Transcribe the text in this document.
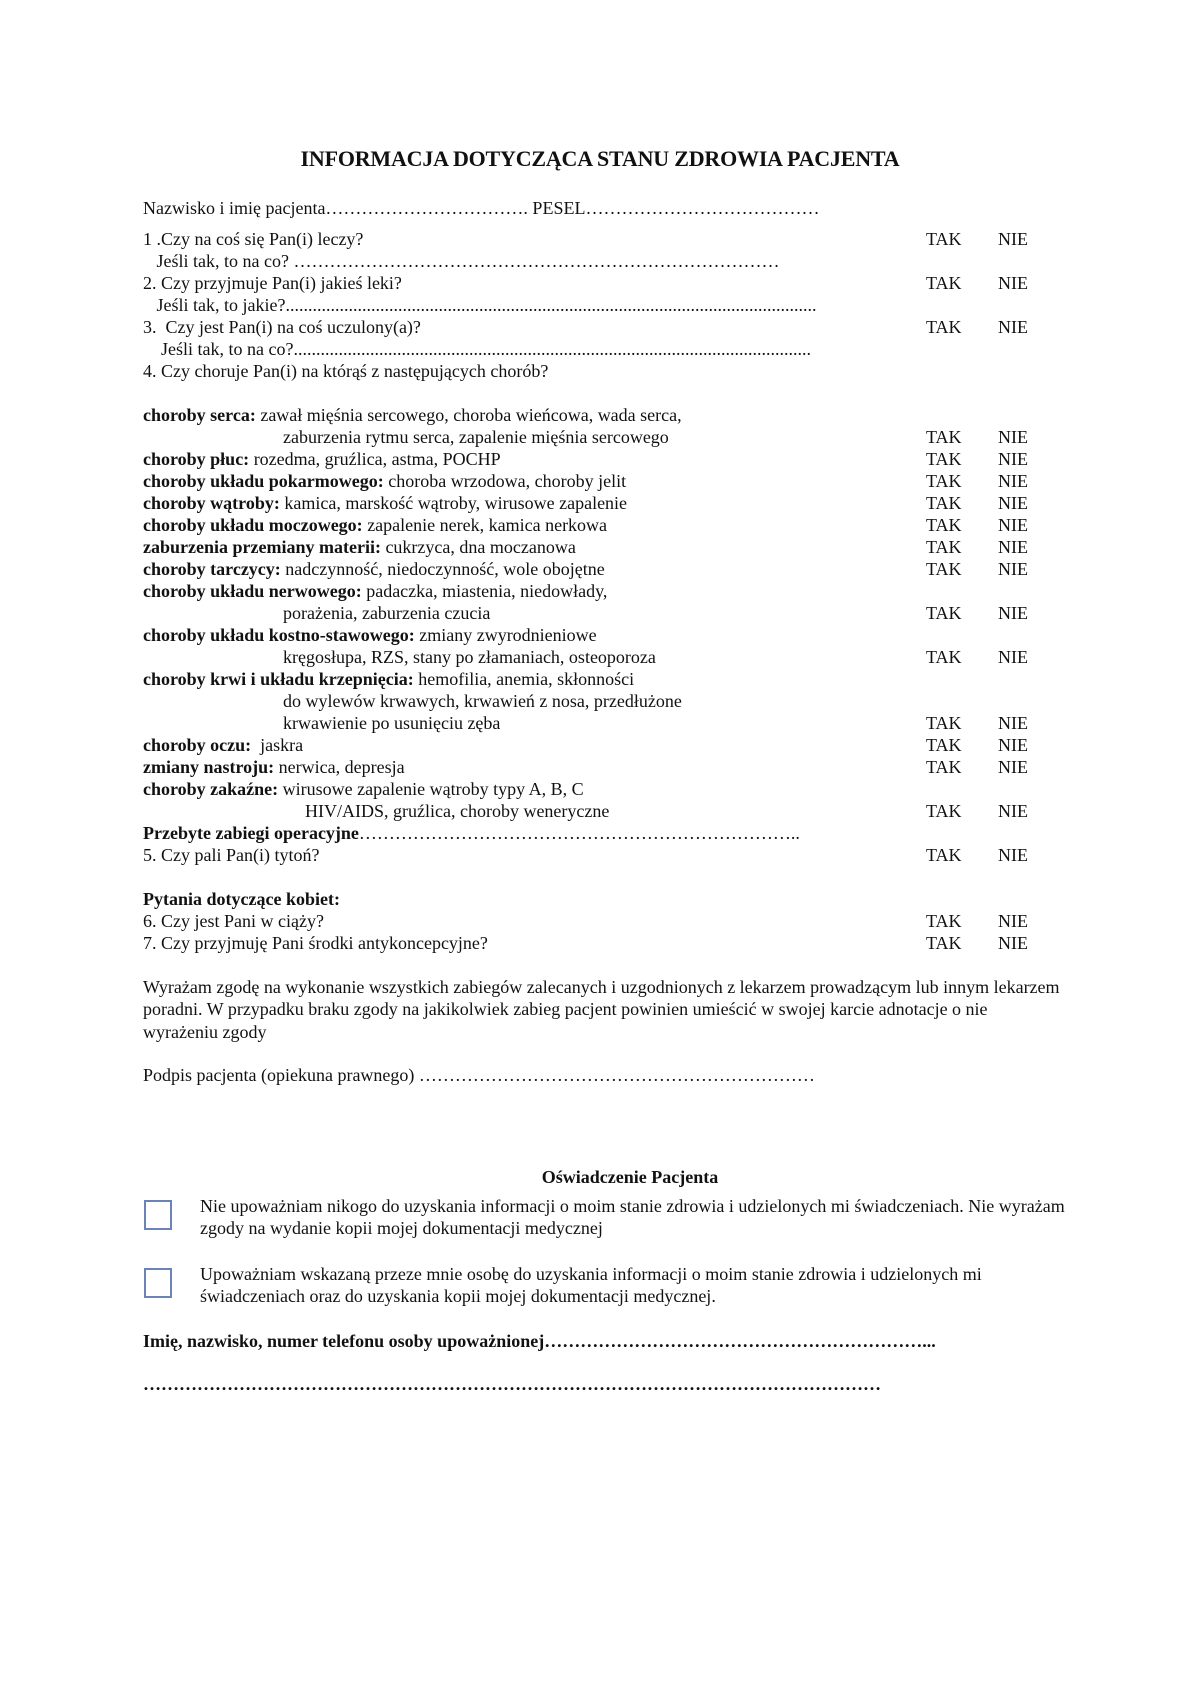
INFORMACJA DOTYCZĄCA STANU ZDROWIA PACJENTA
Nazwisko i imię pacjenta……………………………. PESEL…………………………………
1 .Czy na coś się Pan(i) leczy?	TAK NIE
Jeśli tak, to na co? ………………………………………………………………………
2. Czy przyjmuje Pan(i) jakieś leki?	TAK NIE
Jeśli tak, to jakie?......................................................................................................................
3.  Czy jest Pan(i) na coś uczulony(a)?	TAK NIE
Jeśli tak, to na co?...................................................................................................................
4. Czy choruje Pan(i) na którąś z następujących chorób?
choroby serca: zawał mięśnia sercowego, choroba wieńcowa, wada serca,
zaburzenia rytmu serca, zapalenie mięśnia sercowego	TAK NIE
choroby płuc: rozedma, gruźlica, astma, POCHP	TAK NIE
choroby układu pokarmowego: choroba wrzodowa, choroby jelit	TAK NIE
choroby wątroby: kamica, marskość wątroby, wirusowe zapalenie	TAK NIE
choroby układu moczowego: zapalenie nerek, kamica nerkowa	TAK NIE
zaburzenia przemiany materii: cukrzyca, dna moczanowa	TAK NIE
choroby tarczycy: nadczynność, niedoczynność, wole obojętne	TAK NIE
choroby układu nerwowego: padaczka, miastenia, niedowłady,
porażenia, zaburzenia czucia	TAK NIE
choroby układu kostno-stawowego: zmiany zwyrodnieniowe
kręgosłupa, RZS, stany po złamaniach, osteoporoza	TAK NIE
choroby krwi i układu krzepnięcia: hemofilia, anemia, skłonności
do wylewów krwawych, krwawień z nosa, przedłużone
krwawienie po usunięciu zęba	TAK NIE
choroby oczu:  jaskra	TAK NIE
zmiany nastroju: nerwica, depresja	TAK NIE
choroby zakaźne: wirusowe zapalenie wątroby typy A, B, C
HIV/AIDS, gruźlica, choroby weneryczne	TAK NIE
Przebyte zabiegi operacyjne………………………………………………………………..
5. Czy pali Pan(i) tytoń?	TAK NIE
Pytania dotyczące kobiet:
6. Czy jest Pani w ciąży?	TAK NIE
7. Czy przyjmuję Pani środki antykoncepcyjne?	TAK NIE
Wyrażam zgodę na wykonanie wszystkich zabiegów zalecanych i uzgodnionych z lekarzem prowadzącym lub innym lekarzem poradni. W przypadku braku zgody na jakikolwiek zabieg pacjent powinien umieścić w swojej karcie adnotacje o nie wyrażeniu zgody
Podpis pacjenta (opiekuna prawnego) …………………………………………………………
Oświadczenie Pacjenta
Nie upoważniam nikogo do uzyskania informacji o moim stanie zdrowia i udzielonych mi świadczeniach. Nie wyrażam zgody na wydanie kopii mojej dokumentacji medycznej
Upoważniam wskazaną przeze mnie osobę do uzyskania informacji o moim stanie zdrowia i udzielonych mi świadczeniach oraz do uzyskania kopii mojej dokumentacji medycznej.
Imię, nazwisko, numer telefonu osoby upoważnionej………………………………………………………...
……………………………………………………………………………………………………………
